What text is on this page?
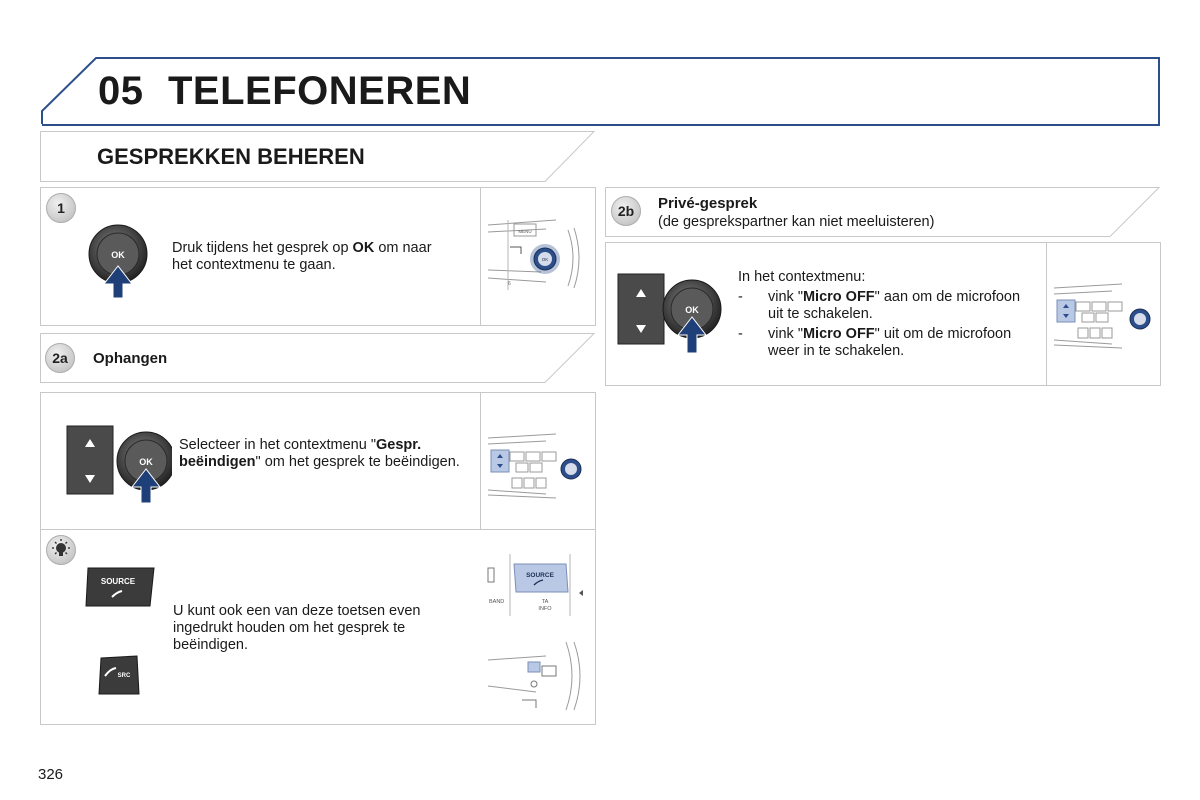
05 TELEFONEREN
GESPREKKEN BEHEREN
1
OK	Druk tijdens het gesprek op OK om naar het contextmenu te gaan.
MENU
OK
6
2a	Ophangen
OK
Selecteer in het contextmenu "Gespr. beëindigen" om het gesprek te beëindigen.
SOURCE
SRC
U kunt ook een van deze toetsen even ingedrukt houden om het gesprek te beëindigen.
SOURCE
BAND	TA
INFO
2b	Privé-gesprek
(de gesprekspartner kan niet meeluisteren)
OK
In het contextmenu:
- vink "Micro OFF" aan om de microfoon uit te schakelen.
- vink "Micro OFF" uit om de microfoon weer in te schakelen.
326
